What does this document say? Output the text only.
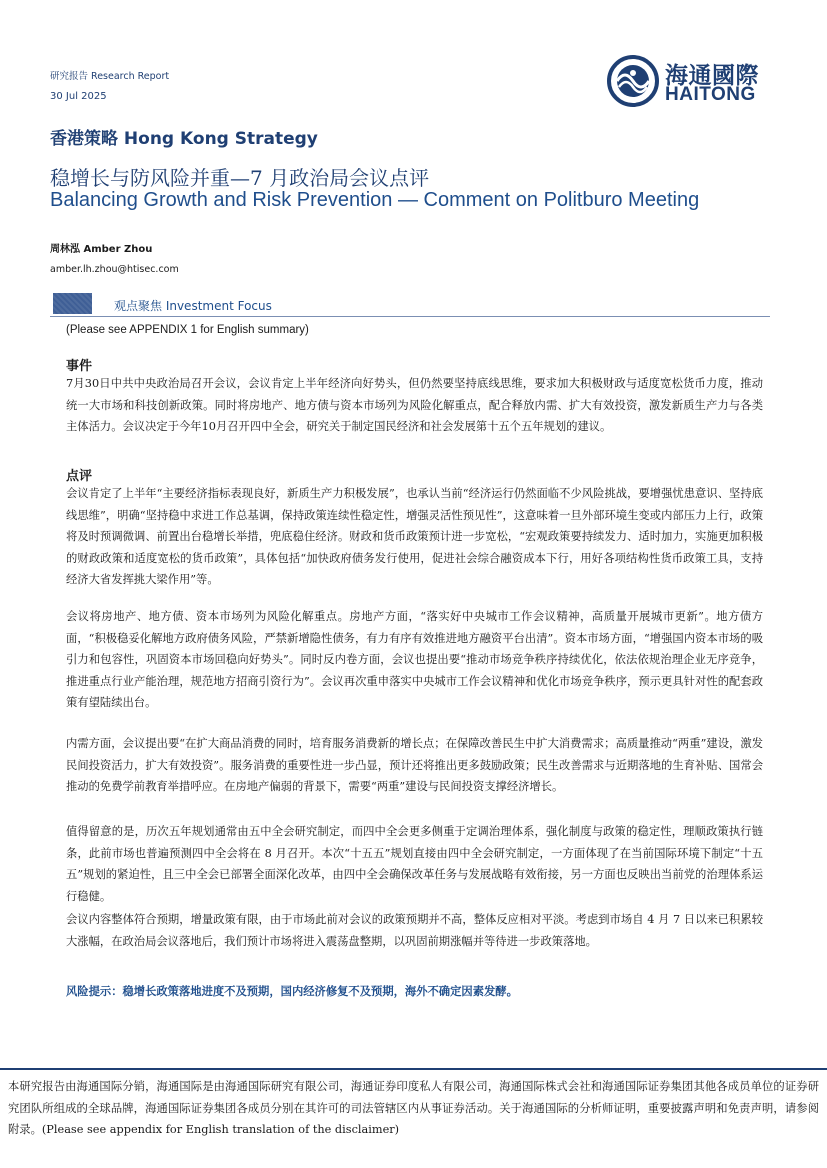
研究报告 Research Report
30 Jul 2025
海通國際
HAITONG
香港策略 Hong Kong Strategy
稳增长与防风险并重—7 月政治局会议点评
Balancing Growth and Risk Prevention — Comment on Politburo Meeting
周林泓 Amber Zhou
amber.lh.zhou@htisec.com
观点聚焦 Investment Focus
(Please see APPENDIX 1 for English summary)
事件
7月30日中共中央政治局召开会议，会议肯定上半年经济向好势头，但仍然要坚持底线思维，要求加大积极财政与适度宽松货币力度，推动统一大市场和科技创新政策。同时将房地产、地方债与资本市场列为风险化解重点，配合释放内需、扩大有效投资，激发新质生产力与各类主体活力。会议决定于今年10月召开四中全会，研究关于制定国民经济和社会发展第十五个五年规划的建议。
点评
会议肯定了上半年“主要经济指标表现良好，新质生产力积极发展”，也承认当前“经济运行仍然面临不少风险挑战，要增强忧患意识、坚持底线思维”，明确“坚持稳中求进工作总基调，保持政策连续性稳定性，增强灵活性预见性”，这意味着一旦外部环境生变或内部压力上行，政策将及时预调微调、前置出台稳增长举措，兜底稳住经济。财政和货币政策预计进一步宽松，“宏观政策要持续发力、适时加力，实施更加积极的财政政策和适度宽松的货币政策”，具体包括“加快政府债务发行使用，促进社会综合融资成本下行，用好各项结构性货币政策工具，支持经济大省发挥挑大梁作用”等。
会议将房地产、地方债、资本市场列为风险化解重点。房地产方面，“落实好中央城市工作会议精神，高质量开展城市更新”。地方债方面，“积极稳妥化解地方政府债务风险，严禁新增隐性债务，有力有序有效推进地方融资平台出清”。资本市场方面，“增强国内资本市场的吸引力和包容性，巩固资本市场回稳向好势头”。同时反内卷方面，会议也提出要“推动市场竞争秩序持续优化，依法依规治理企业无序竞争，推进重点行业产能治理，规范地方招商引资行为”。会议再次重申落实中央城市工作会议精神和优化市场竞争秩序，预示更具针对性的配套政策有望陆续出台。
内需方面，会议提出要“在扩大商品消费的同时，培育服务消费新的增长点；在保障改善民生中扩大消费需求；高质量推动“两重”建设，激发民间投资活力，扩大有效投资”。服务消费的重要性进一步凸显，预计还将推出更多鼓励政策；民生改善需求与近期落地的生育补贴、国常会推动的免费学前教育举措呼应。在房地产偏弱的背景下，需要“两重”建设与民间投资支撑经济增长。
值得留意的是，历次五年规划通常由五中全会研究制定，而四中全会更多侧重于定调治理体系，强化制度与政策的稳定性，理顺政策执行链条，此前市场也普遍预测四中全会将在 8 月召开。本次“十五五”规划直接由四中全会研究制定，一方面体现了在当前国际环境下制定“十五五”规划的紧迫性，且三中全会已部署全面深化改革，由四中全会确保改革任务与发展战略有效衔接，另一方面也反映出当前党的治理体系运行稳健。
会议内容整体符合预期，增量政策有限，由于市场此前对会议的政策预期并不高，整体反应相对平淡。考虑到市场自 4 月 7 日以来已积累较大涨幅，在政治局会议落地后，我们预计市场将进入震荡盘整期，以巩固前期涨幅并等待进一步政策落地。
风险提示：稳增长政策落地进度不及预期，国内经济修复不及预期，海外不确定因素发酵。
本研究报告由海通国际分销，海通国际是由海通国际研究有限公司，海通证券印度私人有限公司，海通国际株式会社和海通国际证券集团其他各成员单位的证券研究团队所组成的全球品牌，海通国际证券集团各成员分别在其许可的司法管辖区内从事证券活动。关于海通国际的分析师证明，重要披露声明和免责声明，请参阅附录。(Please see appendix for English translation of the disclaimer)
